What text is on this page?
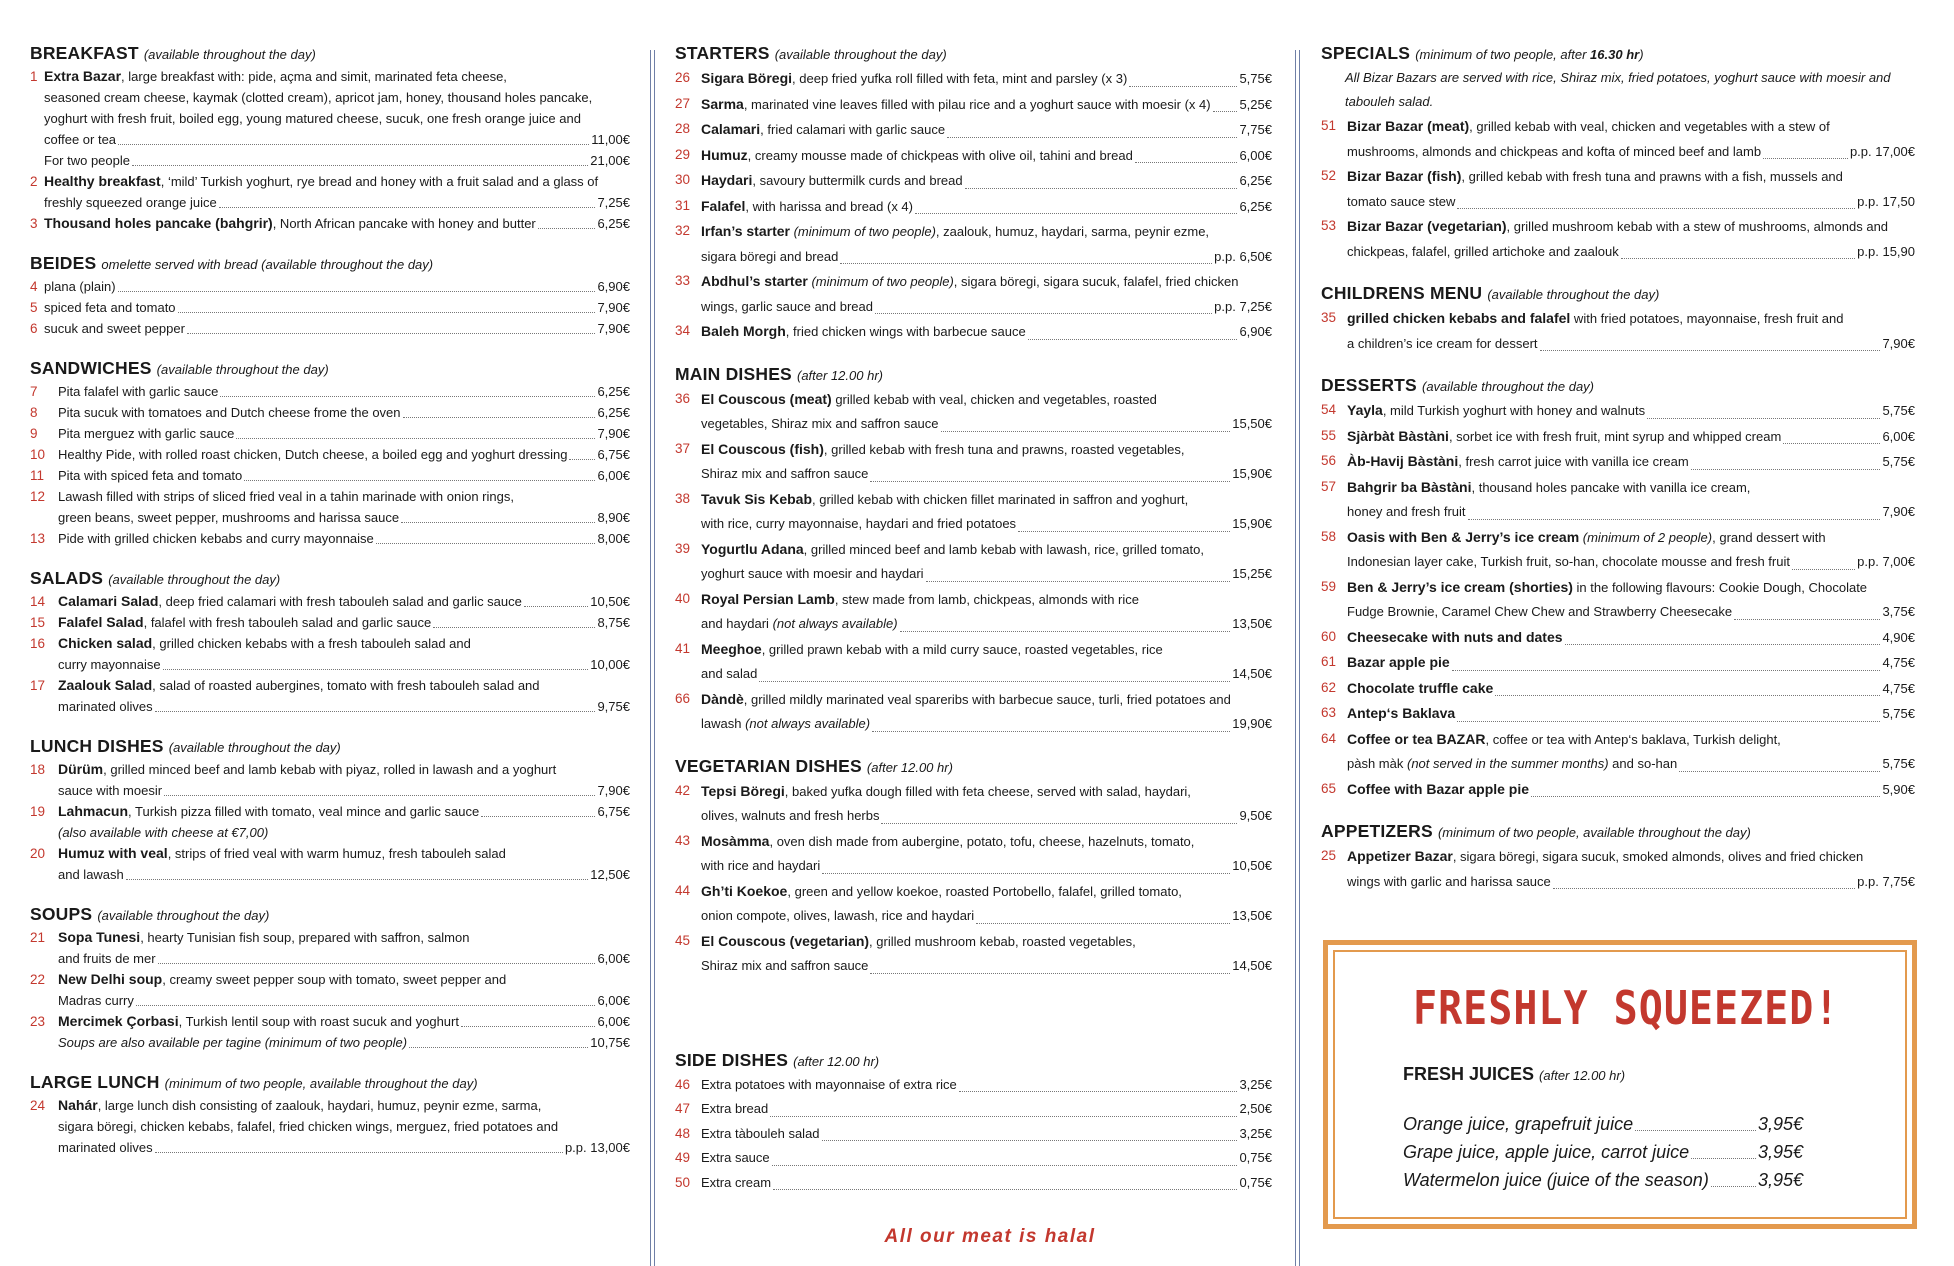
BREAKFAST (available throughout the day)
1 Extra Bazar, large breakfast with: pide, açma and simit, marinated feta cheese,
seasoned cream cheese, kaymak (clotted cream), apricot jam, honey, thousand holes pancake,
yoghurt with fresh fruit, boiled egg, young matured cheese, sucuk, one fresh orange juice and
coffee or tea	11,00€
For two people	21,00€
2 Healthy breakfast, ‘mild’ Turkish yoghurt, rye bread and honey with a fruit salad and a glass of
freshly squeezed orange juice	7,25€
3 Thousand holes pancake (bahgrir), North African pancake with honey and butter	6,25€
BEIDES omelette served with bread (available throughout the day)
4 plana (plain)	6,90€
5 spiced feta and tomato	7,90€
6 sucuk and sweet pepper	7,90€
SANDWICHES (available throughout the day)
7	Pita falafel with garlic sauce	6,25€
8	Pita sucuk with tomatoes and Dutch cheese frome the oven	6,25€
9	Pita merguez with garlic sauce	7,90€
10 Healthy Pide, with rolled roast chicken, Dutch cheese, a boiled egg and yoghurt dressing 6,75€
11	Pita with spiced feta and tomato	6,00€
12 Lawash filled with strips of sliced fried veal in a tahin marinade with onion rings,
green beans, sweet pepper, mushrooms and harissa sauce	8,90€
13 Pide with grilled chicken kebabs and curry mayonnaise	8,00€
SALADS (available throughout the day)
14 Calamari Salad, deep fried calamari with fresh tabouleh salad and garlic sauce	10,50€
15 Falafel Salad, falafel with fresh tabouleh salad and garlic sauce	8,75€
16 Chicken salad, grilled chicken kebabs with a fresh tabouleh salad and
curry mayonnaise	10,00€
17 Zaalouk Salad, salad of roasted aubergines, tomato with fresh tabouleh salad and
marinated olives	9,75€
LUNCH DISHES (available throughout the day)
18 Dürüm, grilled minced beef and lamb kebab with piyaz, rolled in lawash and a yoghurt
sauce with moesir	7,90€
19 Lahmacun, Turkish pizza filled with tomato, veal mince and garlic sauce	6,75€
(also available with cheese at €7,00)
20 Humuz with veal, strips of fried veal with warm humuz, fresh tabouleh salad
and lawash	12,50€
SOUPS (available throughout the day)
21 Sopa Tunesi, hearty Tunisian fish soup, prepared with saffron, salmon
and fruits de mer	6,00€
22 New Delhi soup, creamy sweet pepper soup with tomato, sweet pepper and
Madras curry	6,00€
23 Mercimek Çorbasi, Turkish lentil soup with roast sucuk and yoghurt	6,00€
Soups are also available per tagine (minimum of two people)	10,75€
LARGE LUNCH (minimum of two people, available throughout the day)
24 Nahár, large lunch dish consisting of zaalouk, haydari, humuz, peynir ezme, sarma,
sigara böregi, chicken kebabs, falafel, fried chicken wings, merguez, fried potatoes and
marinated olives	p.p. 13,00€
STARTERS (available throughout the day)
26 Sigara Böregi, deep fried yufka roll filled with feta, mint and parsley (x 3)	5,75€
27 Sarma, marinated vine leaves filled with pilau rice and a yoghurt sauce with moesir (x 4) 5,25€
28 Calamari, fried calamari with garlic sauce	7,75€
29 Humuz, creamy mousse made of chickpeas with olive oil, tahini and bread	6,00€
30 Haydari, savoury buttermilk curds and bread	6,25€
31 Falafel, with harissa and bread (x 4)	6,25€
32 Irfan’s starter (minimum of two people), zaalouk, humuz, haydari, sarma, peynir ezme,
sigara böregi and bread	p.p. 6,50€
33 Abdhul’s starter (minimum of two people), sigara böregi, sigara sucuk, falafel, fried chicken
wings, garlic sauce and bread	p.p. 7,25€
34 Baleh Morgh, fried chicken wings with barbecue sauce	6,90€
MAIN DISHES (after 12.00 hr)
36 El Couscous (meat) grilled kebab with veal, chicken and vegetables, roasted
vegetables, Shiraz mix and saffron sauce	15,50€
37 El Couscous (fish), grilled kebab with fresh tuna and prawns, roasted vegetables,
Shiraz mix and saffron sauce	15,90€
38 Tavuk Sis Kebab, grilled kebab with chicken fillet marinated in saffron and yoghurt,
with rice, curry mayonnaise, haydari and fried potatoes	15,90€
39 Yogurtlu Adana, grilled minced beef and lamb kebab with lawash, rice, grilled tomato,
yoghurt sauce with moesir and haydari	15,25€
40 Royal Persian Lamb, stew made from lamb, chickpeas, almonds with rice
and haydari (not always available)	13,50€
41 Meeghoe, grilled prawn kebab with a mild curry sauce, roasted vegetables, rice
and salad	14,50€
66 Dàndè, grilled mildly marinated veal spareribs with barbecue sauce, turli, fried potatoes and
lawash (not always available)	19,90€
VEGETARIAN DISHES (after 12.00 hr)
42 Tepsi Böregi, baked yufka dough filled with feta cheese, served with salad, haydari,
olives, walnuts and fresh herbs	9,50€
43 Mosàmma, oven dish made from aubergine, potato, tofu, cheese, hazelnuts, tomato,
with rice and haydari	10,50€
44 Gh’ti Koekoe, green and yellow koekoe, roasted Portobello, falafel, grilled tomato,
onion compote, olives, lawash, rice and haydari	13,50€
45 El Couscous (vegetarian), grilled mushroom kebab, roasted vegetables,
Shiraz mix and saffron sauce	14,50€
SIDE DISHES (after 12.00 hr)
46 Extra potatoes with mayonnaise of extra rice	3,25€
47 Extra bread	2,50€
48 Extra tàbouleh salad	3,25€
49 Extra sauce	0,75€
50 Extra cream	0,75€
SPECIALS (minimum of two people, after 16.30 hr)
All Bizar Bazars are served with rice, Shiraz mix, fried potatoes, yoghurt sauce with moesir and tabouleh salad.
51 Bizar Bazar (meat), grilled kebab with veal, chicken and vegetables with a stew of
mushrooms, almonds and chickpeas and kofta of minced beef and lamb	p.p. 17,00€
52 Bizar Bazar (fish), grilled kebab with fresh tuna and prawns with a fish, mussels and
tomato sauce stew	p.p. 17,50
53 Bizar Bazar (vegetarian), grilled mushroom kebab with a stew of mushrooms, almonds and
chickpeas, falafel, grilled artichoke and zaalouk	p.p. 15,90
CHILDRENS MENU (available throughout the day)
35 grilled chicken kebabs and falafel with fried potatoes, mayonnaise, fresh fruit and
a children’s ice cream for dessert	7,90€
DESSERTS (available throughout the day)
54 Yayla, mild Turkish yoghurt with honey and walnuts	5,75€
55 Sjàrbàt Bàstàni, sorbet ice with fresh fruit, mint syrup and whipped cream	6,00€
56 Àb-Havij Bàstàni, fresh carrot juice with vanilla ice cream	5,75€
57 Bahgrir ba Bàstàni, thousand holes pancake with vanilla ice cream,
honey and fresh fruit	7,90€
58 Oasis with Ben & Jerry’s ice cream (minimum of 2 people), grand dessert with
Indonesian layer cake, Turkish fruit, so-han, chocolate mousse and fresh fruit	p.p. 7,00€
59 Ben & Jerry’s ice cream (shorties) in the following flavours: Cookie Dough, Chocolate
Fudge Brownie, Caramel Chew Chew and Strawberry Cheesecake	3,75€
60 Cheesecake with nuts and dates	4,90€
61 Bazar apple pie	4,75€
62 Chocolate truffle cake	4,75€
63 Antep‘s Baklava	5,75€
64 Coffee or tea BAZAR, coffee or tea with Antep‘s baklava, Turkish delight,
pàsh màk (not served in the summer months) and so-han	5,75€
65 Coffee with Bazar apple pie	5,90€
APPETIZERS (minimum of two people, available throughout the day)
25 Appetizer Bazar, sigara böregi, sigara sucuk, smoked almonds, olives and fried chicken
wings with garlic and harissa sauce	p.p. 7,75€
All our meat is halal
FRESHLY SQUEEZED!
FRESH JUICES (after 12.00 hr)
Orange juice, grapefruit juice	3,95€
Grape juice, apple juice, carrot juice	3,95€
Watermelon juice (juice of the season)	3,95€
